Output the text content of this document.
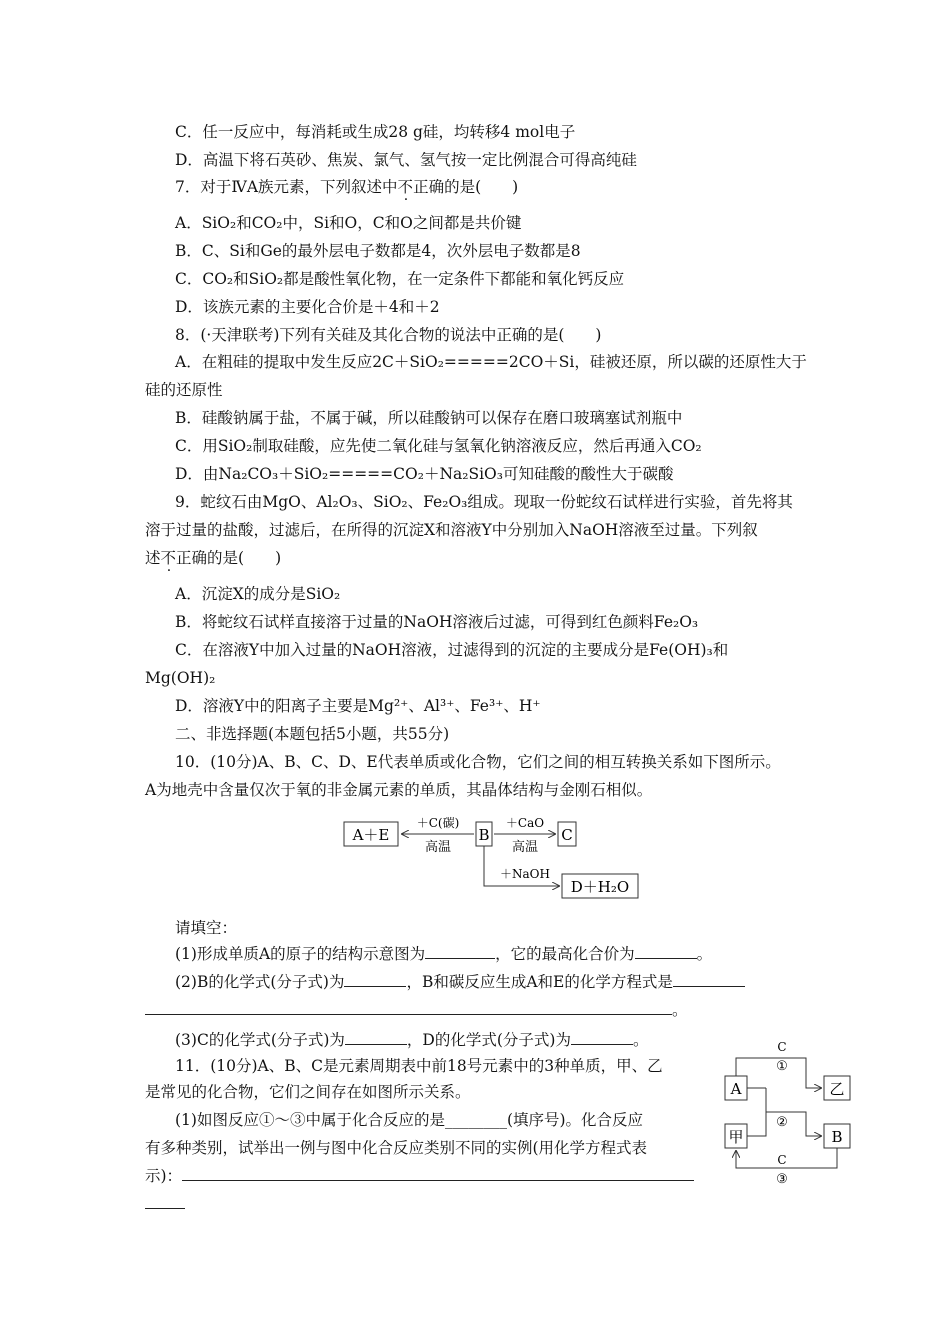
C．任一反应中，每消耗或生成28 g硅，均转移4 mol电子
D．高温下将石英砂、焦炭、氯气、氢气按一定比例混合可得高纯硅
7．对于ⅣA族元素，下列叙述中不正确的是(　　)
A．SiO₂和CO₂中，Si和O，C和O之间都是共价键
B．C、Si和Ge的最外层电子数都是4，次外层电子数都是8
C．CO₂和SiO₂都是酸性氧化物，在一定条件下都能和氧化钙反应
D．该族元素的主要化合价是＋4和＋2
8．(·天津联考)下列有关硅及其化合物的说法中正确的是(　　)
A．在粗硅的提取中发生反应2C＋SiO₂=====2CO＋Si，硅被还原，所以碳的还原性大于
硅的还原性
B．硅酸钠属于盐，不属于碱，所以硅酸钠可以保存在磨口玻璃塞试剂瓶中
C．用SiO₂制取硅酸，应先使二氧化硅与氢氧化钠溶液反应，然后再通入CO₂
D．由Na₂CO₃＋SiO₂=====CO₂＋Na₂SiO₃可知硅酸的酸性大于碳酸
9．蛇纹石由MgO、Al₂O₃、SiO₂、Fe₂O₃组成。现取一份蛇纹石试样进行实验，首先将其
溶于过量的盐酸，过滤后，在所得的沉淀X和溶液Y中分别加入NaOH溶液至过量。下列叙
述不正确的是(　　)
A．沉淀X的成分是SiO₂
B．将蛇纹石试样直接溶于过量的NaOH溶液后过滤，可得到红色颜料Fe₂O₃
C．在溶液Y中加入过量的NaOH溶液，过滤得到的沉淀的主要成分是Fe(OH)₃和
Mg(OH)₂
D．溶液Y中的阳离子主要是Mg²⁺、Al³⁺、Fe³⁺、H⁺
二、非选择题(本题包括5小题，共55分)
10．(10分)A、B、C、D、E代表单质或化合物，它们之间的相互转换关系如下图所示。
A为地壳中含量仅次于氧的非金属元素的单质，其晶体结构与金刚石相似。
A＋E	B	C
D＋H₂O
＋C(碳)
高温
＋CaO
高温
＋NaOH
请填空：
(1)形成单质A的原子的结构示意图为	，它的最高化合价为	。
(2)B的化学式(分子式)为	，B和碳反应生成A和E的化学方程式是
。
(3)C的化学式(分子式)为	，D的化学式(分子式)为	。
11．(10分)A、B、C是元素周期表中前18号元素中的3种单质，甲、乙
是常见的化合物，它们之间存在如图所示关系。
(1)如图反应①～③中属于化合反应的是________(填序号)。化合反应
有多种类别，试举出一例与图中化合反应类别不同的实例(用化学方程式表
示)：
A
甲
乙
B
C
①
②
C
③
